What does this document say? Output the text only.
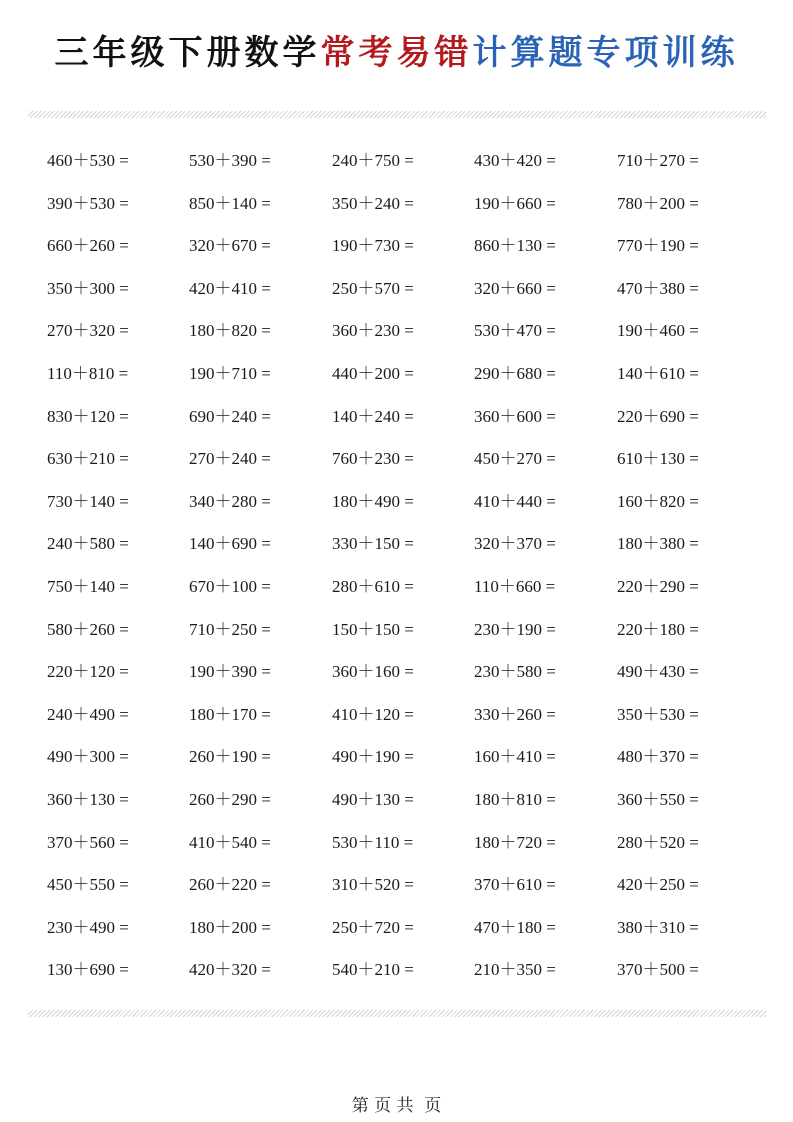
三年级下册数学常考易错计算题专项训练
460＋530 =	530＋390 =	240＋750 =	430＋420 =	710＋270 =
390＋530 =	850＋140 =	350＋240 =	190＋660 =	780＋200 =
660＋260 =	320＋670 =	190＋730 =	860＋130 =	770＋190 =
350＋300 =	420＋410 =	250＋570 =	320＋660 =	470＋380 =
270＋320 =	180＋820 =	360＋230 =	530＋470 =	190＋460 =
110＋810 =	190＋710 =	440＋200 =	290＋680 =	140＋610 =
830＋120 =	690＋240 =	140＋240 =	360＋600 =	220＋690 =
630＋210 =	270＋240 =	760＋230 =	450＋270 =	610＋130 =
730＋140 =	340＋280 =	180＋490 =	410＋440 =	160＋820 =
240＋580 =	140＋690 =	330＋150 =	320＋370 =	180＋380 =
750＋140 =	670＋100 =	280＋610 =	110＋660 =	220＋290 =
580＋260 =	710＋250 =	150＋150 =	230＋190 =	220＋180 =
220＋120 =	190＋390 =	360＋160 =	230＋580 =	490＋430 =
240＋490 =	180＋170 =	410＋120 =	330＋260 =	350＋530 =
490＋300 =	260＋190 =	490＋190 =	160＋410 =	480＋370 =
360＋130 =	260＋290 =	490＋130 =	180＋810 =	360＋550 =
370＋560 =	410＋540 =	530＋110 =	180＋720 =	280＋520 =
450＋550 =	260＋220 =	310＋520 =	370＋610 =	420＋250 =
230＋490 =	180＋200 =	250＋720 =	470＋180 =	380＋310 =
130＋690 =	420＋320 =	540＋210 =	210＋350 =	370＋500 =
第 页 共  页
